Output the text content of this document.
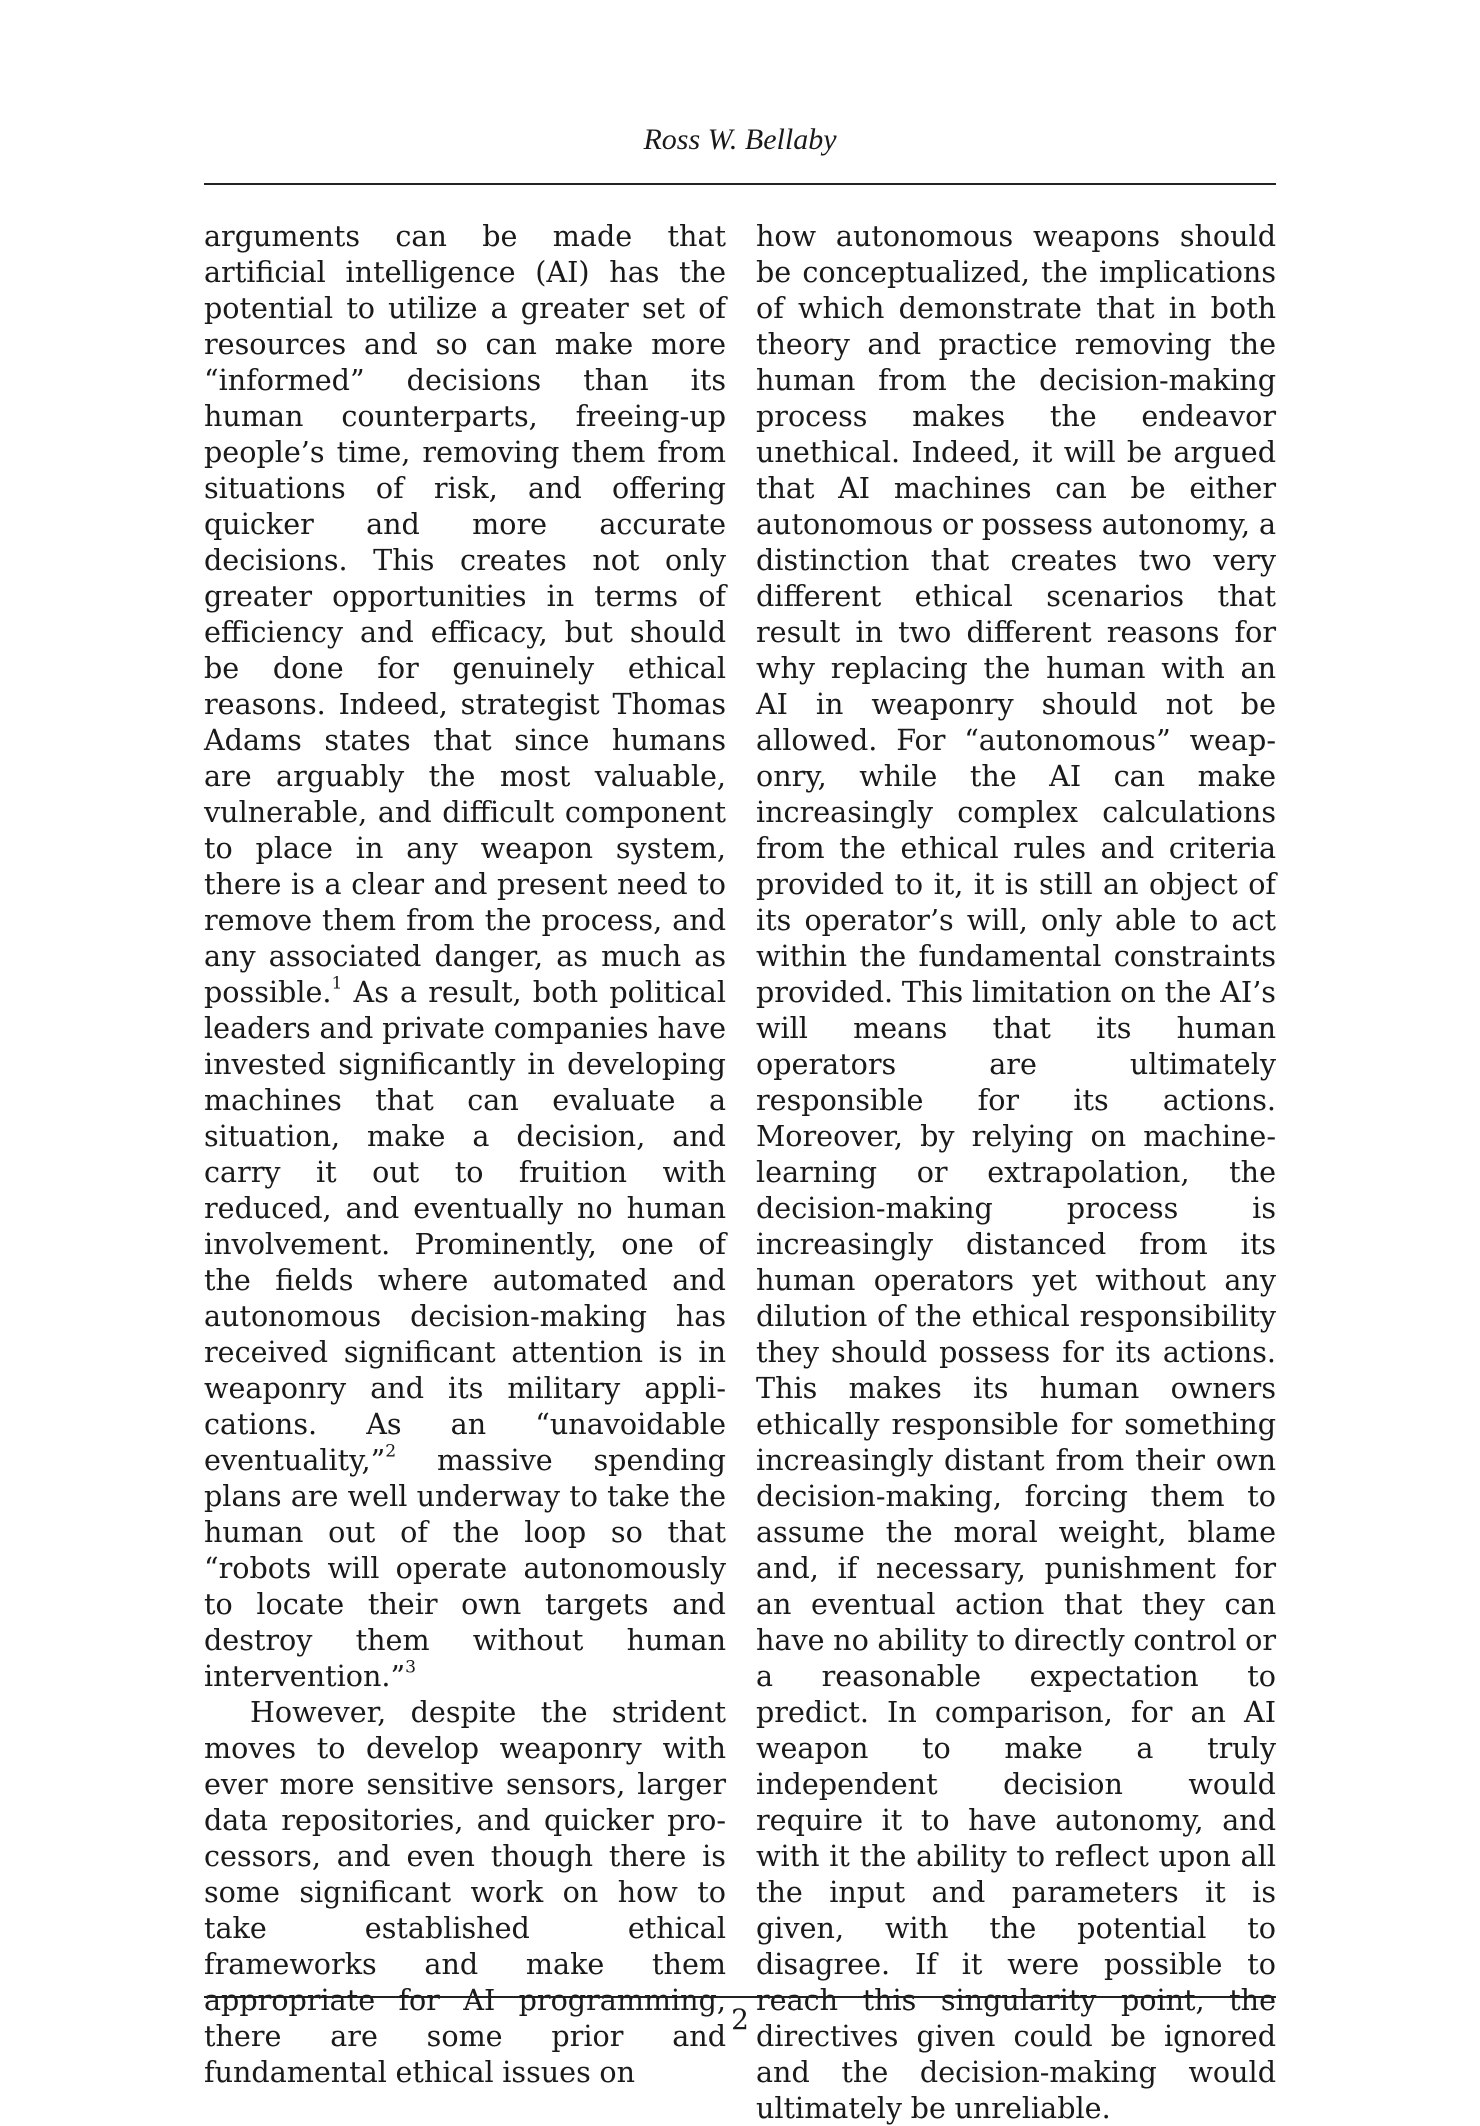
Ross W. Bellaby

arguments can be made that artificial intelligence (AI) has the potential to utilize a greater set of resources and so can make more “informed” decisions than its human counterparts, freeing-up people’s time, removing them from situations of risk, and offering quicker and more accurate decisions. This creates not only greater opportunities in terms of efficiency and efficacy, but should be done for genuinely ethical reasons. Indeed, strategist Thomas Adams states that since humans are arguably the most valuable, vulnerable, and difficult component to place in any weapon system, there is a clear and present need to remove them from the process, and any associated danger, as much as possible.$^1$ As a result, both political leaders and private companies have invested significantly in developing machines that can evaluate a situation, make a decision, and carry it out to fruition with reduced, and eventually no human involvement. Prominently, one of the fields where automated and autonomous decision-making has received significant attention is in weaponry and its military applications. As an “unavoidable eventuality,”$^2$ massive spending plans are well underway to take the human out of the loop so that “robots will operate autonomously to locate their own targets and destroy them without human intervention.”$^3$

However, despite the strident moves to develop weaponry with ever more sensitive sensors, larger data repositories, and quicker processors, and even though there is some significant work on how to take established ethical frameworks and make them appropriate for AI programming, there are some prior and fundamental ethical issues on

how autonomous weapons should be conceptualized, the implications of which demonstrate that in both theory and practice removing the human from the decision-making process makes the endeavor unethical. Indeed, it will be argued that AI machines can be either autonomous or possess autonomy, a distinction that creates two very different ethical scenarios that result in two different reasons for why replacing the human with an AI in weaponry should not be allowed. For “autonomous” weaponry, while the AI can make increasingly complex calculations from the ethical rules and criteria provided to it, it is still an object of its operator’s will, only able to act within the fundamental constraints provided. This limitation on the AI’s will means that its human operators are ultimately responsible for its actions. Moreover, by relying on machine-learning or extrapolation, the decision-making process is increasingly distanced from its human operators yet without any dilution of the ethical responsibility they should possess for its actions. This makes its human owners ethically responsible for something increasingly distant from their own decision-making, forcing them to assume the moral weight, blame and, if necessary, punishment for an eventual action that they can have no ability to directly control or a reasonable expectation to predict. In comparison, for an AI weapon to make a truly independent decision would require it to have autonomy, and with it the ability to reflect upon all the input and parameters it is given, with the potential to disagree. If it were possible to reach this singularity point, the directives given could be ignored and the decision-making would ultimately be unreliable.

2
